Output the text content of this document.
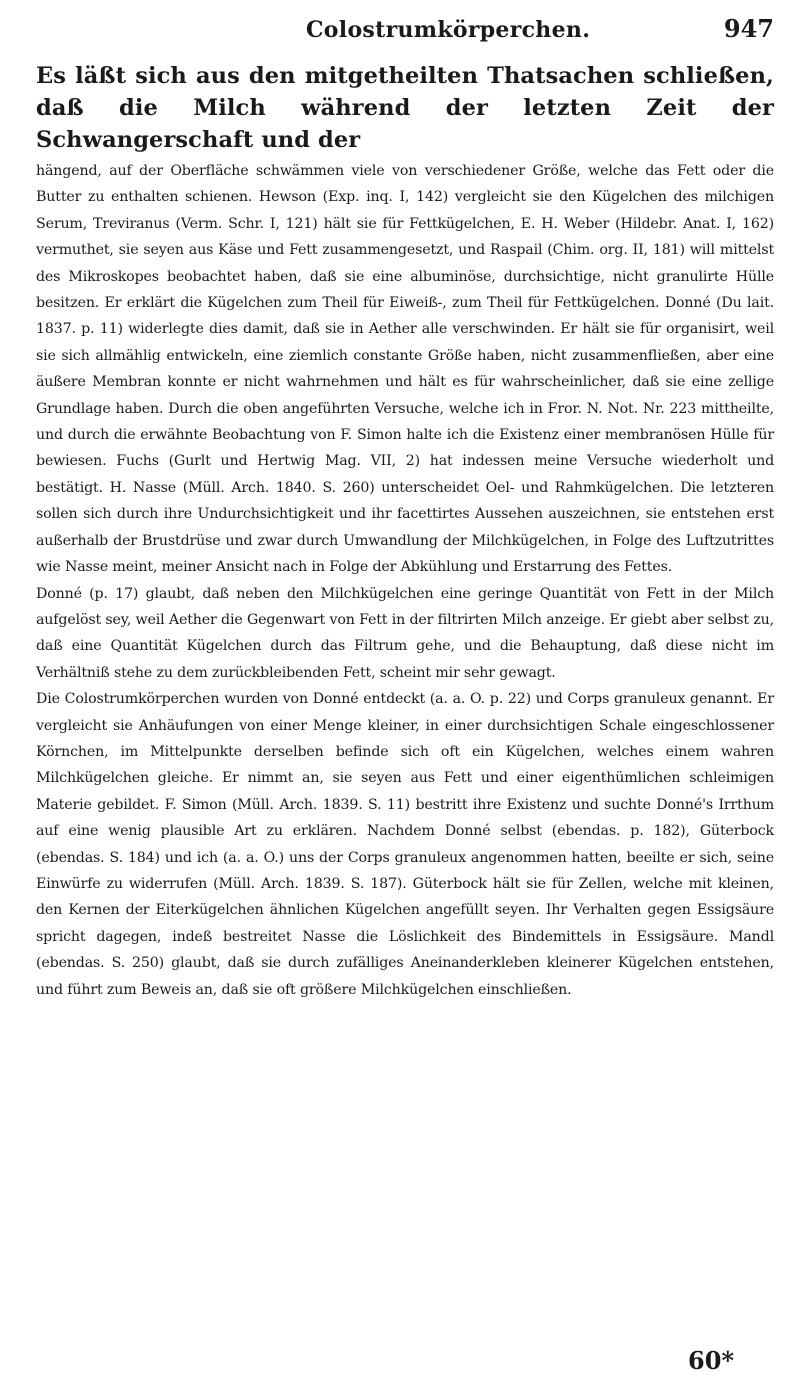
Colostrumkörperchen.	947
Es läßt sich aus den mitgetheilten Thatsachen schließen, daß die Milch während der letzten Zeit der Schwangerschaft und der

hängend, auf der Oberfläche schwämmen viele von verschiedener Größe, welche das Fett oder die Butter zu enthalten schienen. Hewson (Exp. inq. I, 142) vergleicht sie den Kügelchen des milchigen Serum, Treviranus (Verm. Schr. I, 121) hält sie für Fettkügelchen, E. H. Weber (Hildebr. Anat. I, 162) vermuthet, sie seyen aus Käse und Fett zusammengesetzt, und Raspail (Chim. org. II, 181) will mittelst des Mikroskopes beobachtet haben, daß sie eine albuminöse, durchsichtige, nicht granulirte Hülle besitzen. Er erklärt die Kügelchen zum Theil für Eiweiß-, zum Theil für Fettkügelchen. Donné (Du lait. 1837. p. 11) widerlegte dies damit, daß sie in Aether alle verschwinden. Er hält sie für organisirt, weil sie sich allmählig entwickeln, eine ziemlich constante Größe haben, nicht zusammenfließen, aber eine äußere Membran konnte er nicht wahrnehmen und hält es für wahrscheinlicher, daß sie eine zellige Grundlage haben. Durch die oben angeführten Versuche, welche ich in Fror. N. Not. Nr. 223 mittheilte, und durch die erwähnte Beobachtung von F. Simon halte ich die Existenz einer membranösen Hülle für bewiesen. Fuchs (Gurlt und Hertwig Mag. VII, 2) hat indessen meine Versuche wiederholt und bestätigt. H. Nasse (Müll. Arch. 1840. S. 260) unterscheidet Oel- und Rahmkügelchen. Die letzteren sollen sich durch ihre Undurchsichtigkeit und ihr facettirtes Aussehen auszeichnen, sie entstehen erst außerhalb der Brustdrüse und zwar durch Umwandlung der Milchkügelchen, in Folge des Luftzutrittes wie Nasse meint, meiner Ansicht nach in Folge der Abkühlung und Erstarrung des Fettes.

Donné (p. 17) glaubt, daß neben den Milchkügelchen eine geringe Quantität von Fett in der Milch aufgelöst sey, weil Aether die Gegenwart von Fett in der filtrirten Milch anzeige. Er giebt aber selbst zu, daß eine Quantität Kügelchen durch das Filtrum gehe, und die Behauptung, daß diese nicht im Verhältniß stehe zu dem zurückbleibenden Fett, scheint mir sehr gewagt.

Die Colostrumkörperchen wurden von Donné entdeckt (a. a. O. p. 22) und Corps granuleux genannt. Er vergleicht sie Anhäufungen von einer Menge kleiner, in einer durchsichtigen Schale eingeschlossener Körnchen, im Mittelpunkte derselben befinde sich oft ein Kügelchen, welches einem wahren Milchkügelchen gleiche. Er nimmt an, sie seyen aus Fett und einer eigenthümlichen schleimigen Materie gebildet. F. Simon (Müll. Arch. 1839. S. 11) bestritt ihre Existenz und suchte Donné's Irrthum auf eine wenig plausible Art zu erklären. Nachdem Donné selbst (ebendas. p. 182), Güterbock (ebendas. S. 184) und ich (a. a. O.) uns der Corps granuleux angenommen hatten, beeilte er sich, seine Einwürfe zu widerrufen (Müll. Arch. 1839. S. 187). Güterbock hält sie für Zellen, welche mit kleinen, den Kernen der Eiterkügelchen ähnlichen Kügelchen angefüllt seyen. Ihr Verhalten gegen Essigsäure spricht dagegen, indeß bestreitet Nasse die Löslichkeit des Bindemittels in Essigsäure. Mandl (ebendas. S. 250) glaubt, daß sie durch zufälliges Aneinanderkleben kleinerer Kügelchen entstehen, und führt zum Beweis an, daß sie oft größere Milchkügelchen einschließen.

60*
